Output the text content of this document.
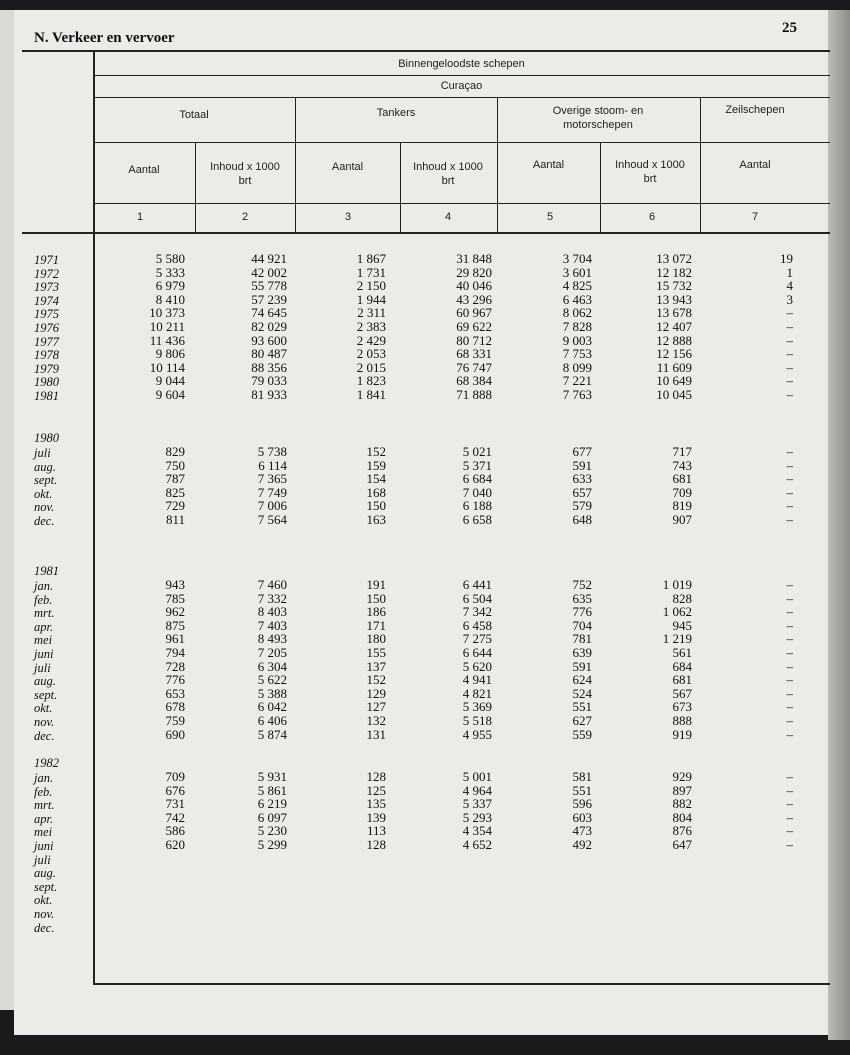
N. Verkeer en vervoer
25
Binnengeloodste schepen
Curaçao
Totaal	Tankers	Overige stoom- en motorschepen
Zeilschepen
Aantal	Inhoud x 1000 brt
Aantal	Inhoud x 1000 brt
Aantal	Inhoud x 1000 brt
Aantal
1	2	3	4	5	6	7
1971	5 580	44 921	1 867	31 848	3 704	13 072	19
1972	5 333	42 002	1 731	29 820	3 601	12 182	1
1973	6 979	55 778	2 150	40 046	4 825	15 732	4
1974	8 410	57 239	1 944	43 296	6 463	13 943	3
1975	10 373	74 645	2 311	60 967	8 062	13 678	–
1976	10 211	82 029	2 383	69 622	7 828	12 407	–
1977	11 436	93 600	2 429	80 712	9 003	12 888	–
1978	9 806	80 487	2 053	68 331	7 753	12 156	–
1979	10 114	88 356	2 015	76 747	8 099	11 609	–
1980	9 044	79 033	1 823	68 384	7 221	10 649	–
1981	9 604	81 933	1 841	71 888	7 763	10 045	–
1980
juli	829	5 738	152	5 021	677	717	–
aug.	750	6 114	159	5 371	591	743	–
sept.	787	7 365	154	6 684	633	681	–
okt.	825	7 749	168	7 040	657	709	–
nov.	729	7 006	150	6 188	579	819	–
dec.	811	7 564	163	6 658	648	907	–
1981
jan.	943	7 460	191	6 441	752	1 019	–
feb.	785	7 332	150	6 504	635	828	–
mrt.	962	8 403	186	7 342	776	1 062	–
apr.	875	7 403	171	6 458	704	945	–
mei	961	8 493	180	7 275	781	1 219	–
juni	794	7 205	155	6 644	639	561	–
juli	728	6 304	137	5 620	591	684	–
aug.	776	5 622	152	4 941	624	681	–
sept.	653	5 388	129	4 821	524	567	–
okt.	678	6 042	127	5 369	551	673	–
nov.	759	6 406	132	5 518	627	888	–
dec.	690	5 874	131	4 955	559	919	–
1982
jan.	709	5 931	128	5 001	581	929	–
feb.	676	5 861	125	4 964	551	897	–
mrt.	731	6 219	135	5 337	596	882	–
apr.	742	6 097	139	5 293	603	804	–
mei	586	5 230	113	4 354	473	876	–
juni	620	5 299	128	4 652	492	647	–
juli
aug.
sept.
okt.
nov.
dec.
